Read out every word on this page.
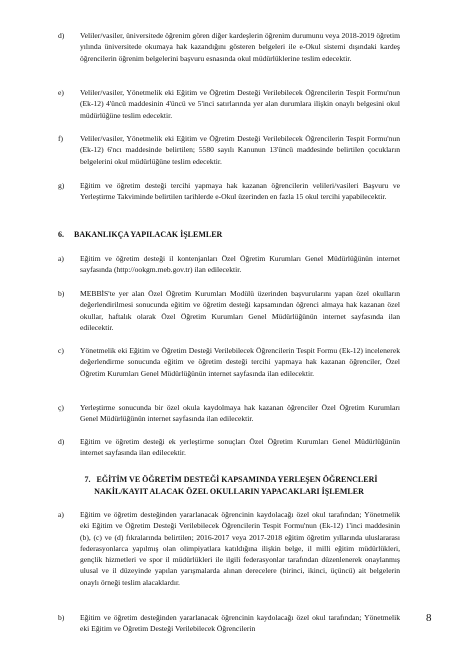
d)	Veliler/vasiler, üniversitede öğrenim gören diğer kardeşlerin öğrenim durumunu veya 2018-2019 öğretim yılında üniversitede okumaya hak kazandığını gösteren belgeleri ile e-Okul sistemi dışındaki kardeş öğrencilerin öğrenim belgelerini başvuru esnasında okul müdürlüklerine teslim edecektir.
e)	Veliler/vasiler, Yönetmelik eki Eğitim ve Öğretim Desteği Verilebilecek Öğrencilerin Tespit Formu'nun (Ek-12) 4'üncü maddesinin 4'üncü ve 5'inci satırlarında yer alan durumlara ilişkin onaylı belgesini okul müdürlüğüne teslim edecektir.
f)	Veliler/vasiler, Yönetmelik eki Eğitim ve Öğretim Desteği Verilebilecek Öğrencilerin Tespit Formu'nun (Ek-12) 6'ncı maddesinde belirtilen; 5580 sayılı Kanunun 13'üncü maddesinde belirtilen çocukların belgelerini okul müdürlüğüne teslim edecektir.
g)	Eğitim ve öğretim desteği tercihi yapmaya hak kazanan öğrencilerin velileri/vasileri Başvuru ve Yerleştirme Takviminde belirtilen tarihlerde e-Okul üzerinden en fazla 15 okul tercihi yapabilecektir.
6. BAKANLIKÇA YAPILACAK İŞLEMLER
a)	Eğitim ve öğretim desteği il kontenjanları Özel Öğretim Kurumları Genel Müdürlüğünün internet sayfasında (http://ookgm.meb.gov.tr) ilan edilecektir.
b)	MEBBİS'te yer alan Özel Öğretim Kurumları Modülü üzerinden başvurularını yapan özel okulların değerlendirilmesi sonucunda eğitim ve öğretim desteği kapsamından öğrenci almaya hak kazanan özel okullar, haftalık olarak Özel Öğretim Kurumları Genel Müdürlüğünün internet sayfasında ilan edilecektir.
c)	Yönetmelik eki Eğitim ve Öğretim Desteği Verilebilecek Öğrencilerin Tespit Formu (Ek-12) incelenerek değerlendirme sonucunda eğitim ve öğretim desteği tercihi yapmaya hak kazanan öğrenciler, Özel Öğretim Kurumları Genel Müdürlüğünün internet sayfasında ilan edilecektir.
ç)	Yerleştirme sonucunda bir özel okula kaydolmaya hak kazanan öğrenciler Özel Öğretim Kurumları Genel Müdürlüğünün internet sayfasında ilan edilecektir.
d)	Eğitim ve öğretim desteği ek yerleştirme sonuçları Özel Öğretim Kurumları Genel Müdürlüğünün internet sayfasında ilan edilecektir.
7. EĞİTİM VE ÖĞRETİM DESTEĞİ KAPSAMINDA YERLEŞEN ÖĞRENCLERİ
NAKİL/KAYIT ALACAK ÖZEL OKULLARIN YAPACAKLARI İŞLEMLER
a)	Eğitim ve öğretim desteğinden yararlanacak öğrencinin kaydolacağı özel okul tarafından; Yönetmelik eki Eğitim ve Öğretim Desteği Verilebilecek Öğrencilerin Tespit Formu'nun (Ek-12) 1'inci maddesinin (b), (c) ve (d) fıkralarında belirtilen; 2016-2017 veya 2017-2018 eğitim öğretim yıllarında uluslararası federasyonlarca yapılmış olan olimpiyatlara katıldığına ilişkin belge, il milli eğitim müdürlükleri, gençlik hizmetleri ve spor il müdürlükleri ile ilgili federasyonlar tarafından düzenlenerek onaylanmış ulusal ve il düzeyinde yapılan yarışmalarda alınan derecelere (birinci, ikinci, üçüncü) ait belgelerin onaylı örneği teslim alacaklardır.
b)	Eğitim ve öğretim desteğinden yararlanacak öğrencinin kaydolacağı özel okul tarafından; Yönetmelik eki Eğitim ve Öğretim Desteği Verilebilecek Öğrencilerin
8
